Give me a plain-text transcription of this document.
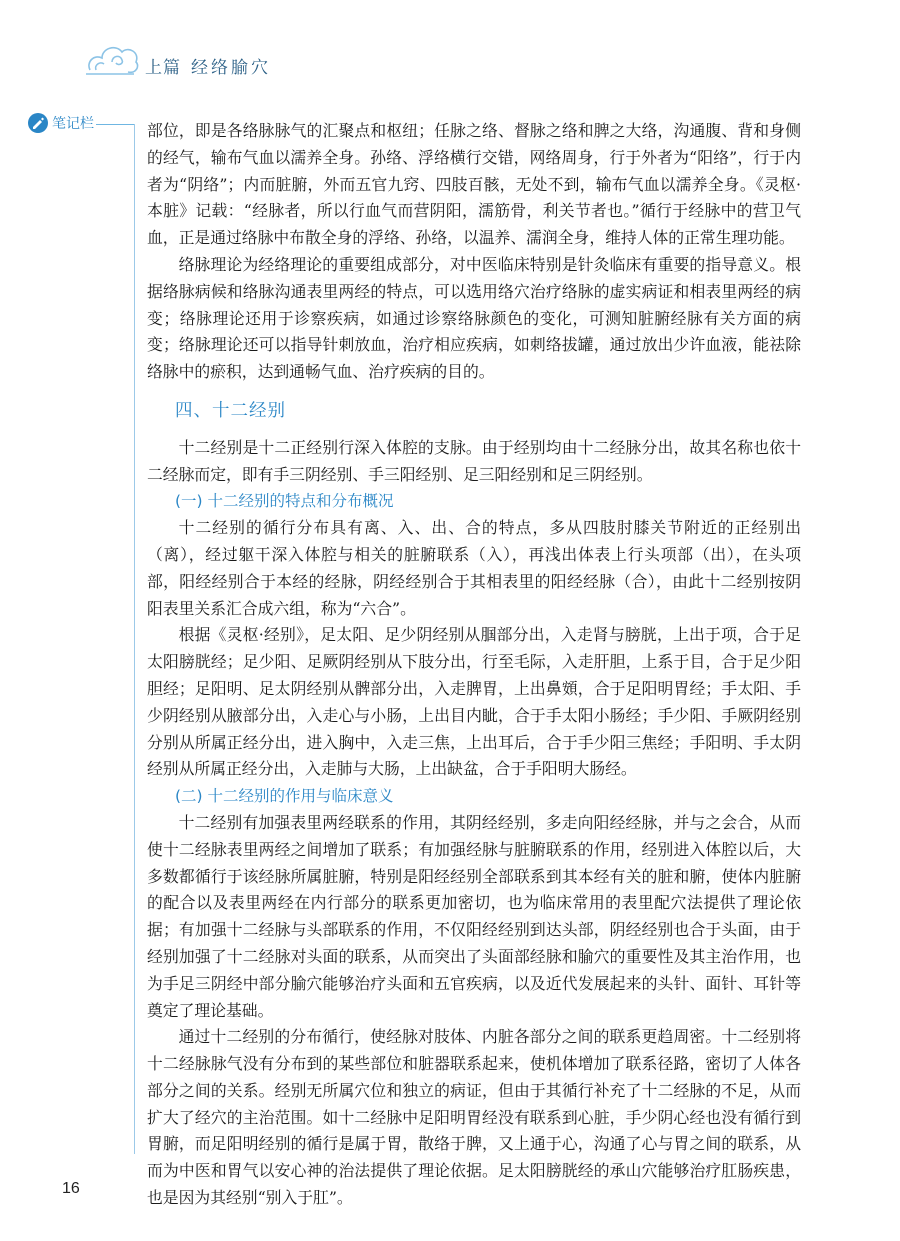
上篇 经络腧穴
笔记栏	部位，即是各络脉脉气的汇聚点和枢纽；任脉之络、督脉之络和脾之大络，沟通腹、背和身侧的经气，输布气血以濡养全身。孙络、浮络横行交错，网络周身，行于外者为“阳络”，行于内者为“阴络”；内而脏腑，外而五官九窍、四肢百骸，无处不到，输布气血以濡养全身。《灵枢·本脏》记载：“经脉者，所以行血气而营阴阳，濡筋骨，利关节者也。”循行于经脉中的营卫气血，正是通过络脉中布散全身的浮络、孙络，以温养、濡润全身，维持人体的正常生理功能。

络脉理论为经络理论的重要组成部分，对中医临床特别是针灸临床有重要的指导意义。根据络脉病候和络脉沟通表里两经的特点，可以选用络穴治疗络脉的虚实病证和相表里两经的病变；络脉理论还用于诊察疾病，如通过诊察络脉颜色的变化，可测知脏腑经脉有关方面的病变；络脉理论还可以指导针刺放血，治疗相应疾病，如刺络拔罐，通过放出少许血液，能祛除络脉中的瘀积，达到通畅气血、治疗疾病的目的。

四、十二经别

十二经别是十二正经别行深入体腔的支脉。由于经别均由十二经脉分出，故其名称也依十二经脉而定，即有手三阴经别、手三阳经别、足三阳经别和足三阴经别。

(一) 十二经别的特点和分布概况

十二经别的循行分布具有离、入、出、合的特点，多从四肢肘膝关节附近的正经别出（离），经过躯干深入体腔与相关的脏腑联系（入），再浅出体表上行头项部（出），在头项部，阳经经别合于本经的经脉，阴经经别合于其相表里的阳经经脉（合），由此十二经别按阴阳表里关系汇合成六组，称为“六合”。

根据《灵枢·经别》，足太阳、足少阴经别从腘部分出，入走肾与膀胱，上出于项，合于足太阳膀胱经；足少阳、足厥阴经别从下肢分出，行至毛际，入走肝胆，上系于目，合于足少阳胆经；足阳明、足太阴经别从髀部分出，入走脾胃，上出鼻頞，合于足阳明胃经；手太阳、手少阴经别从腋部分出，入走心与小肠，上出目内眦，合于手太阳小肠经；手少阳、手厥阴经别分别从所属正经分出，进入胸中，入走三焦，上出耳后，合于手少阳三焦经；手阳明、手太阴经别从所属正经分出，入走肺与大肠，上出缺盆，合于手阳明大肠经。

(二) 十二经别的作用与临床意义

十二经别有加强表里两经联系的作用，其阴经经别，多走向阳经经脉，并与之会合，从而使十二经脉表里两经之间增加了联系；有加强经脉与脏腑联系的作用，经别进入体腔以后，大多数都循行于该经脉所属脏腑，特别是阳经经别全部联系到其本经有关的脏和腑，使体内脏腑的配合以及表里两经在内行部分的联系更加密切，也为临床常用的表里配穴法提供了理论依据；有加强十二经脉与头部联系的作用，不仅阳经经别到达头部，阴经经别也合于头面，由于经别加强了十二经脉对头面的联系，从而突出了头面部经脉和腧穴的重要性及其主治作用，也为手足三阴经中部分腧穴能够治疗头面和五官疾病，以及近代发展起来的头针、面针、耳针等奠定了理论基础。

通过十二经别的分布循行，使经脉对肢体、内脏各部分之间的联系更趋周密。十二经别将十二经脉脉气没有分布到的某些部位和脏器联系起来，使机体增加了联系径路，密切了人体各部分之间的关系。经别无所属穴位和独立的病证，但由于其循行补充了十二经脉的不足，从而扩大了经穴的主治范围。如十二经脉中足阳明胃经没有联系到心脏，手少阴心经也没有循行到胃腑，而足阳明经别的循行是属于胃，散络于脾，又上通于心，沟通了心与胃之间的联系，从而为中医和胃气以安心神的治法提供了理论依据。足太阳膀胱经的承山穴能够治疗肛肠疾患，也是因为其经别“别入于肛”。

16
